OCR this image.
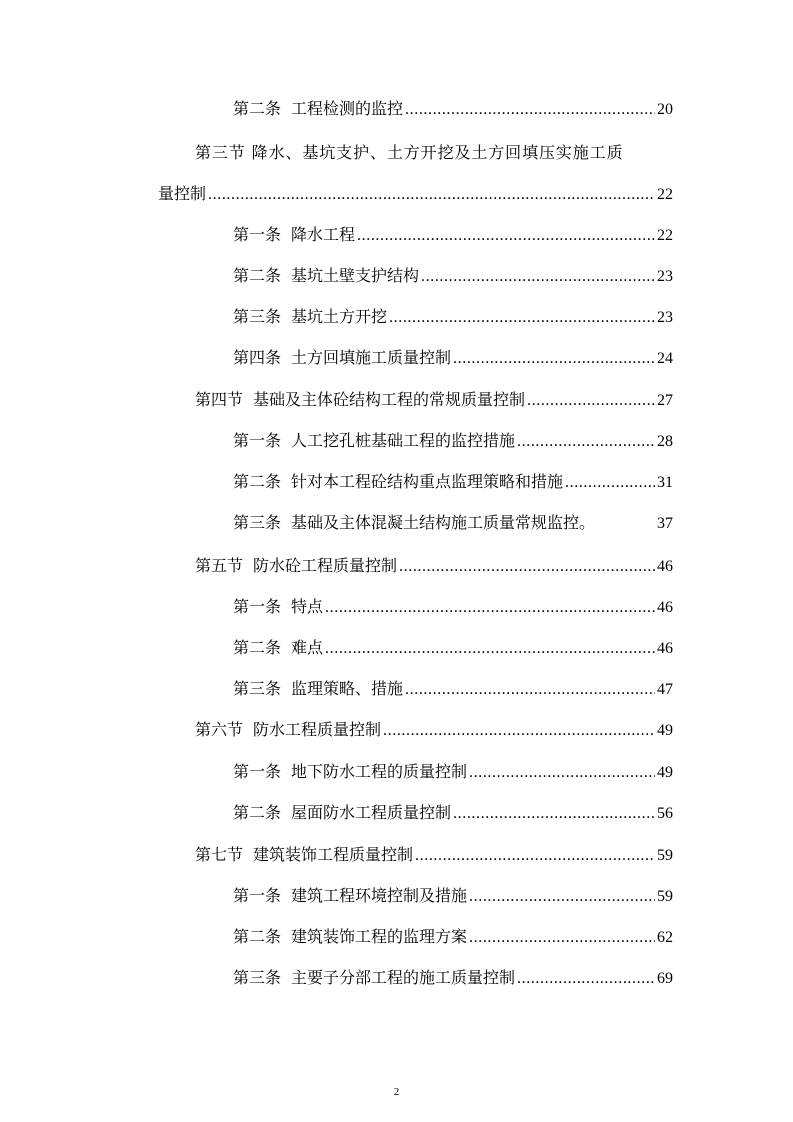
第二条 工程检测的监控 .....	20
第三节 降水、基坑支护、土方开挖及土方回填压实施工质
量控制 .....	22
第一条 降水工程 .....	22
第二条 基坑土壁支护结构 .....	23
第三条 基坑土方开挖 .....	23
第四条 土方回填施工质量控制 .....	24
第四节 基础及主体砼结构工程的常规质量控制 .....	27
第一条 人工挖孔桩基础工程的监控措施 .....	28
第二条 针对本工程砼结构重点监理策略和措施 .....	31
第三条 基础及主体混凝土结构施工质量常规监控。	37
第五节 防水砼工程质量控制 .....	46
第一条 特点 .....	46
第二条 难点 .....	46
第三条 监理策略、措施 .....	47
第六节 防水工程质量控制 .....	49
第一条 地下防水工程的质量控制 .....	49
第二条 屋面防水工程质量控制 .....	56
第七节 建筑装饰工程质量控制 .....	59
第一条 建筑工程环境控制及措施 .....	59
第二条 建筑装饰工程的监理方案 .....	62
第三条 主要子分部工程的施工质量控制 .....	69
2
